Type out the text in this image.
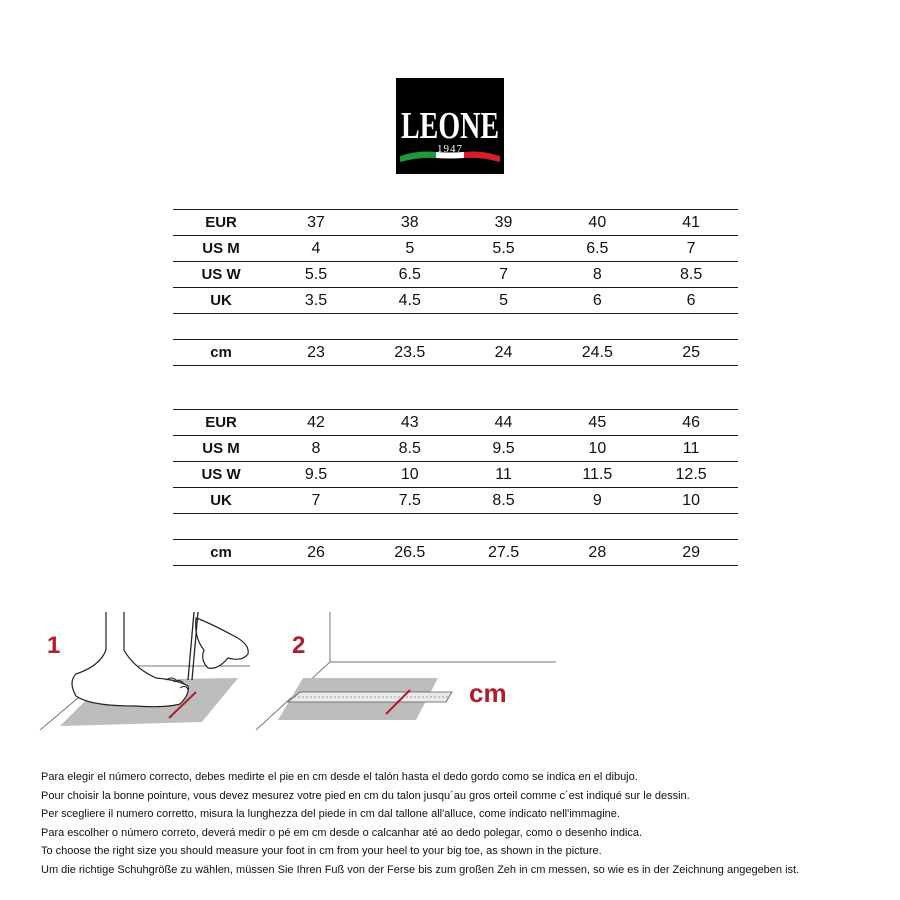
LEONE
1947
EUR	37	38	39	40	41
US M	4	5	5.5	6.5	7
US W	5.5	6.5	7	8	8.5
UK	3.5	4.5	5	6	6
cm	23	23.5	24	24.5	25
EUR	42	43	44	45	46
US M	8	8.5	9.5	10	11
US W	9.5	10	11	11.5	12.5
UK	7	7.5	8.5	9	10
cm	26	26.5	27.5	28	29
1	2
cm
Para elegir el número correcto, debes medirte el pie en cm desde el talón hasta el dedo gordo como se indica en el dibujo.
Pour choisir la bonne pointure, vous devez mesurez votre pied en cm du talon jusqu´au gros orteil comme c´est indiqué sur le dessin.
Per scegliere il numero corretto, misura la lunghezza del piede in cm dal tallone all'alluce, come indicato nell'immagine.
Para escolher o número correto, deverá medir o pé em cm desde o calcanhar até ao dedo polegar, como o desenho indica.
To choose the right size you should measure your foot in cm from your heel to your big toe, as shown in the picture.
Um die richtige Schuhgröße zu wählen, müssen Sie Ihren Fuß von der Ferse bis zum großen Zeh in cm messen, so wie es in der Zeichnung angegeben ist.
